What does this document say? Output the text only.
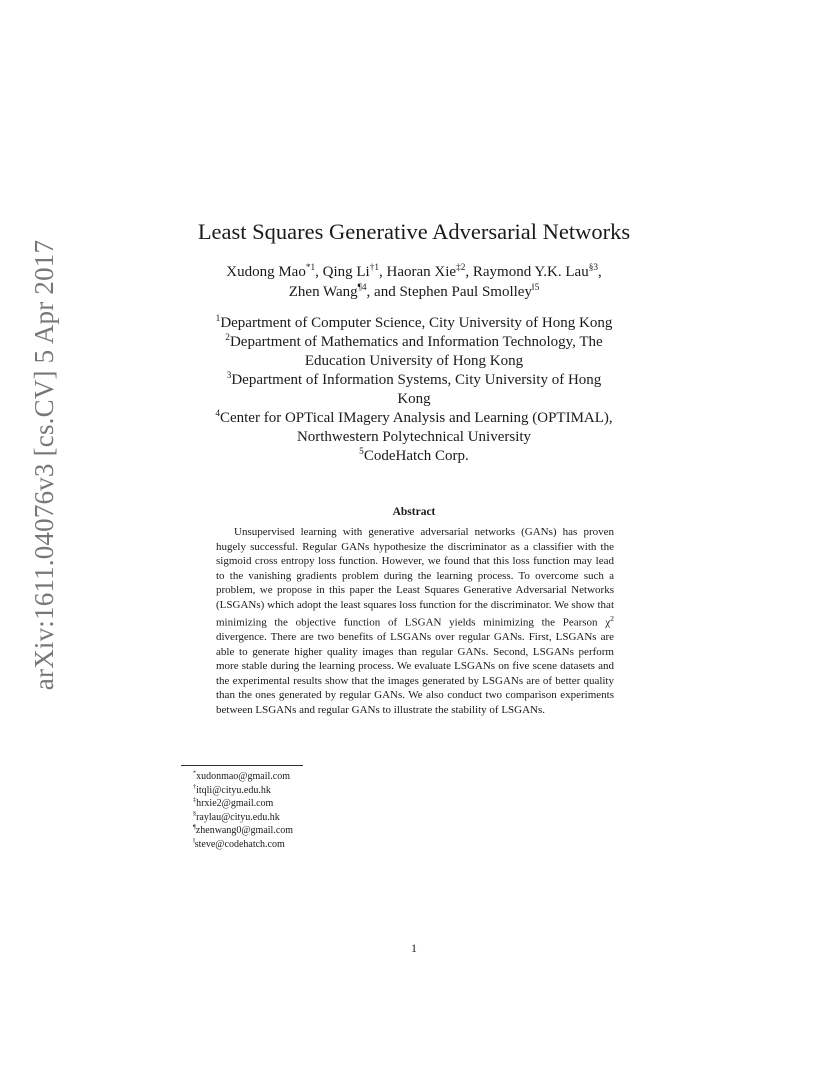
arXiv:1611.04076v3 [cs.CV] 5 Apr 2017
Least Squares Generative Adversarial Networks
Xudong Mao$^{*1}$, Qing Li$^{\dagger 1}$, Haoran Xie$^{\ddagger 2}$, Raymond Y.K. Lau$^{\S 3}$,
Zhen Wang$^{\P 4}$, and Stephen Paul Smolley$^{‖5}$
$^1$Department of Computer Science, City University of Hong Kong
$^2$Department of Mathematics and Information Technology, The
Education University of Hong Kong
$^3$Department of Information Systems, City University of Hong
Kong
$^4$Center for OPTical IMagery Analysis and Learning (OPTIMAL),
Northwestern Polytechnical University
$^5$CodeHatch Corp.
Abstract
Unsupervised learning with generative adversarial networks (GANs) has proven hugely successful. Regular GANs hypothesize the discriminator as a classifier with the sigmoid cross entropy loss function. However, we found that this loss function may lead to the vanishing gradients problem during the learning process. To overcome such a problem, we propose in this paper the Least Squares Generative Adversarial Networks (LSGANs) which adopt the least squares loss function for the discriminator. We show that minimizing the objective function of LSGAN yields minimizing the Pearson $\chi^2$ divergence. There are two benefits of LSGANs over regular GANs. First, LSGANs are able to generate higher quality images than regular GANs. Second, LSGANs perform more stable during the learning process. We evaluate LSGANs on five scene datasets and the experimental results show that the images generated by LSGANs are of better quality than the ones generated by regular GANs. We also conduct two comparison experiments between LSGANs and regular GANs to illustrate the stability of LSGANs.
*xudonmao@gmail.com
†itqli@cityu.edu.hk
‡hrxie2@gmail.com
§raylau@cityu.edu.hk
¶zhenwang0@gmail.com
‖steve@codehatch.com
1
